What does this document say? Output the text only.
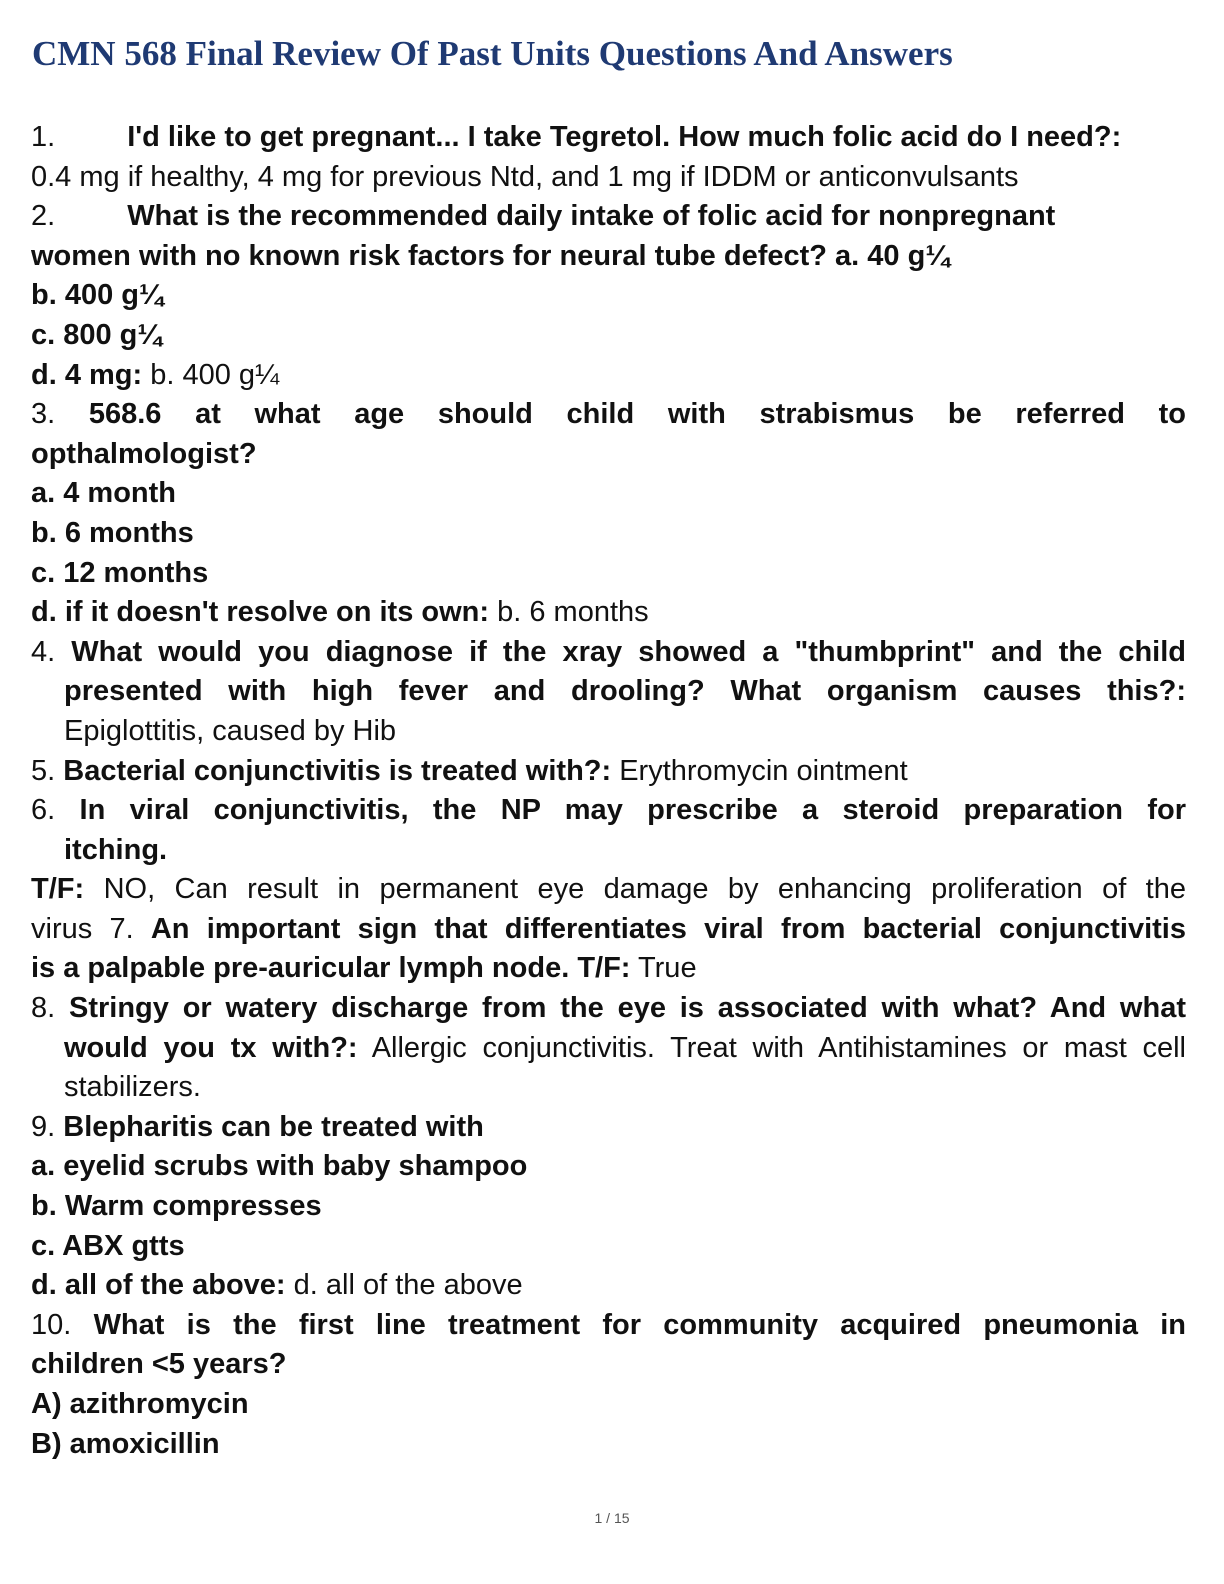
CMN 568 Final Review Of Past Units Questions And Answers
1. I'd like to get pregnant... I take Tegretol. How much folic acid do I need?:
0.4 mg if healthy, 4 mg for previous Ntd, and 1 mg if IDDM or anticonvulsants
2. What is the recommended daily intake of folic acid for nonpregnant
women with no known risk factors for neural tube defect? a. 40 g¼
b. 400 g¼
c. 800 g¼
d. 4 mg: b. 400 g¼
3. 568.6 at what age should child with strabismus be referred to
opthalmologist?
a. 4 month
b. 6 months
c. 12 months
d. if it doesn't resolve on its own: b. 6 months
4. What would you diagnose if the xray showed a "thumbprint" and the child
presented with high fever and drooling? What organism causes this?:
Epiglottitis, caused by Hib
5. Bacterial conjunctivitis is treated with?: Erythromycin ointment
6. In viral conjunctivitis, the NP may prescribe a steroid preparation for
itching.
T/F: NO, Can result in permanent eye damage by enhancing proliferation of the
virus 7. An important sign that differentiates viral from bacterial conjunctivitis
is a palpable pre-auricular lymph node. T/F: True
8. Stringy or watery discharge from the eye is associated with what? And what
would you tx with?: Allergic conjunctivitis. Treat with Antihistamines or mast cell
stabilizers.
9. Blepharitis can be treated with
a. eyelid scrubs with baby shampoo
b. Warm compresses
c. ABX gtts
d. all of the above: d. all of the above
10. What is the first line treatment for community acquired pneumonia in
children <5 years?
A) azithromycin
B) amoxicillin
1 / 15
